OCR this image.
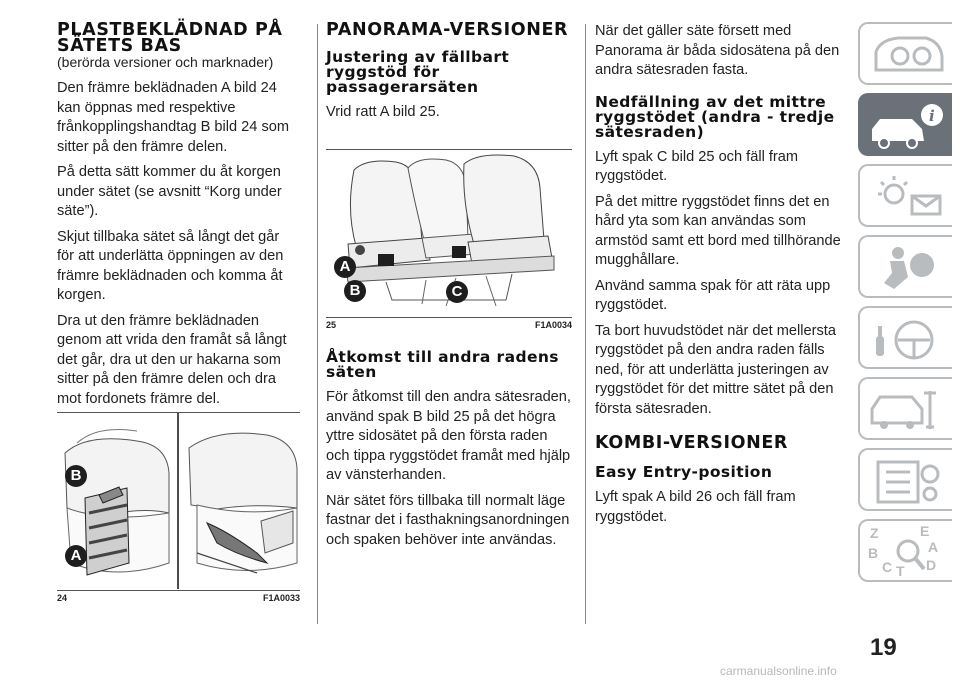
PLASTBEKLÄDNAD PÅ SÄTETS BAS

(berörda versioner och marknader)

Den främre beklädnaden A bild 24 kan öppnas med respektive frånkopplingshandtag B bild 24 som sitter på den främre delen.

På detta sätt kommer du åt korgen under sätet (se avsnitt “Korg under säte”).

Skjut tillbaka sätet så långt det går för att underlätta öppningen av den främre beklädnaden och komma åt korgen.

Dra ut den främre beklädnaden genom att vrida den framåt så långt det går, dra ut den ur hakarna som sitter på den främre delen och dra mot fordonets främre del.

B
A
24	F1A0033
PANORAMA-VERSIONER
Justering av fällbart ryggstöd för passagerarsäten

Vrid ratt A bild 25.

A
B	C
25	F1A0034
Åtkomst till andra radens säten

För åtkomst till den andra sätesraden, använd spak B bild 25 på det högra yttre sidosätet på den första raden och tippa ryggstödet framåt med hjälp av vänsterhanden.

När sätet förs tillbaka till normalt läge fastnar det i fasthakningsanordningen och spaken behöver inte användas.

När det gäller säte försett med Panorama är båda sidosätena på den andra sätesraden fasta.

Nedfällning av det mittre ryggstödet (andra - tredje sätesraden)

Lyft spak C bild 25 och fäll fram ryggstödet.

På det mittre ryggstödet finns det en hård yta som kan användas som armstöd samt ett bord med tillhörande mugghållare.

Använd samma spak för att räta upp ryggstödet.

Ta bort huvudstödet när det mellersta ryggstödet på den andra raden fälls ned, för att underlätta justeringen av ryggstödet för det mittre sätet på den första sätesraden.

KOMBI-VERSIONER
Easy Entry-position

Lyft spak A bild 26 och fäll fram ryggstödet.

i
Z	E
A
B
C T D
19
carmanualsonline.info
